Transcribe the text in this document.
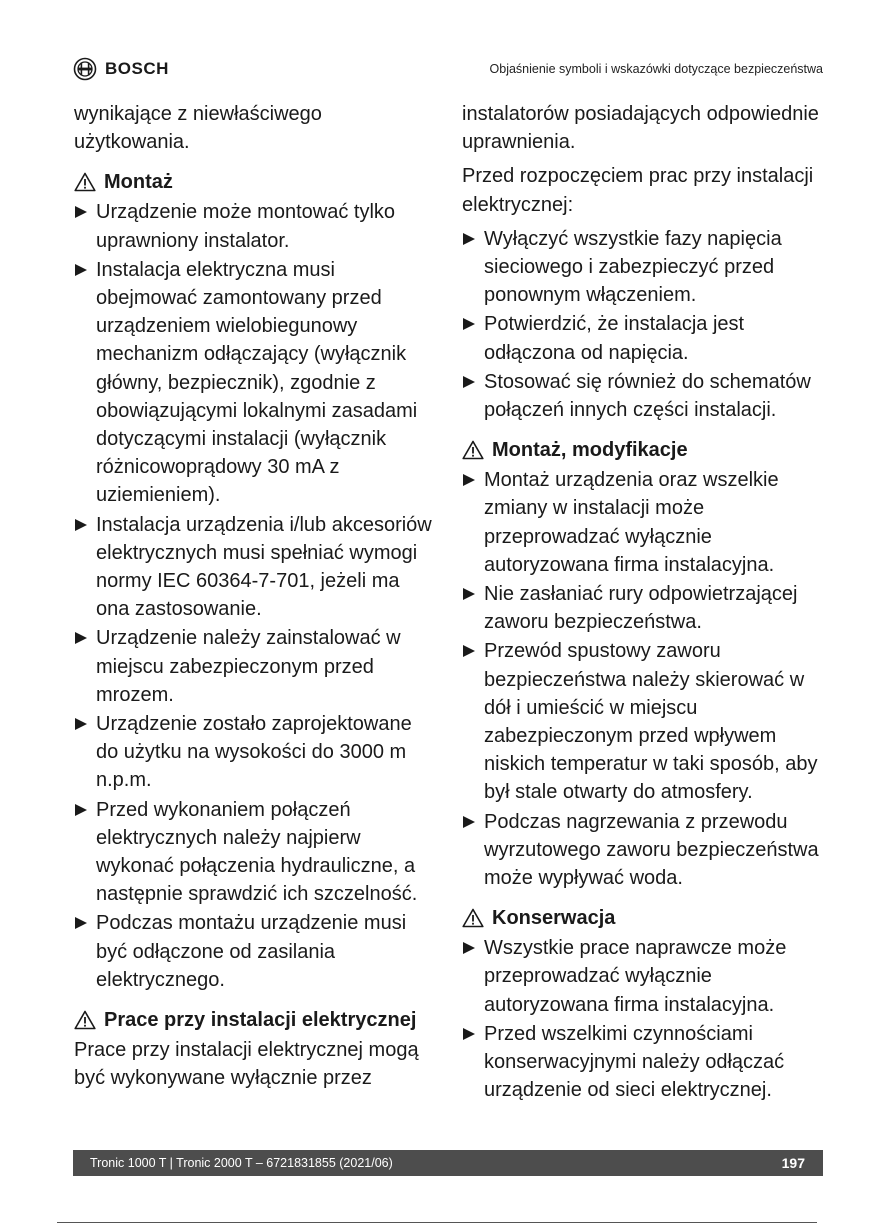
BOSCH	Objaśnienie symboli i wskazówki dotyczące bezpieczeństwa

wynikające z niewłaściwego użytkowania.

Montaż
Urządzenie może montować tylko uprawniony instalator.
Instalacja elektryczna musi obejmować zamontowany przed urządzeniem wielobiegunowy mechanizm odłączający (wyłącznik główny, bezpiecznik), zgodnie z obowiązującymi lokalnymi zasadami dotyczącymi instalacji (wyłącznik różnicowoprądowy 30 mA z uziemieniem).
Instalacja urządzenia i/lub akcesoriów elektrycznych musi spełniać wymogi normy IEC 60364-7-701, jeżeli ma ona zastosowanie.
Urządzenie należy zainstalować w miejscu zabezpieczonym przed mrozem.
Urządzenie zostało zaprojektowane do użytku na wysokości do 3000 m n.p.m.
Przed wykonaniem połączeń elektrycznych należy najpierw wykonać połączenia hydrauliczne, a następnie sprawdzić ich szczelność.
Podczas montażu urządzenie musi być odłączone od zasilania elektrycznego.
Prace przy instalacji elektrycznej

Prace przy instalacji elektrycznej mogą być wykonywane wyłącznie przez

instalatorów posiadających odpowiednie uprawnienia.

Przed rozpoczęciem prac przy instalacji elektrycznej:

Wyłączyć wszystkie fazy napięcia sieciowego i zabezpieczyć przed ponownym włączeniem.
Potwierdzić, że instalacja jest odłączona od napięcia.
Stosować się również do schematów połączeń innych części instalacji.
Montaż, modyfikacje
Montaż urządzenia oraz wszelkie zmiany w instalacji może przeprowadzać wyłącznie autoryzowana firma instalacyjna.
Nie zasłaniać rury odpowietrzającej zaworu bezpieczeństwa.
Przewód spustowy zaworu bezpieczeństwa należy skierować w dół i umieścić w miejscu zabezpieczonym przed wpływem niskich temperatur w taki sposób, aby był stale otwarty do atmosfery.
Podczas nagrzewania z przewodu wyrzutowego zaworu bezpieczeństwa może wypływać woda.
Konserwacja
Wszystkie prace naprawcze może przeprowadzać wyłącznie autoryzowana firma instalacyjna.
Przed wszelkimi czynnościami konserwacyjnymi należy odłączać urządzenie od sieci elektrycznej.
Tronic 1000 T | Tronic 2000 T – 6721831855 (2021/06)	197
